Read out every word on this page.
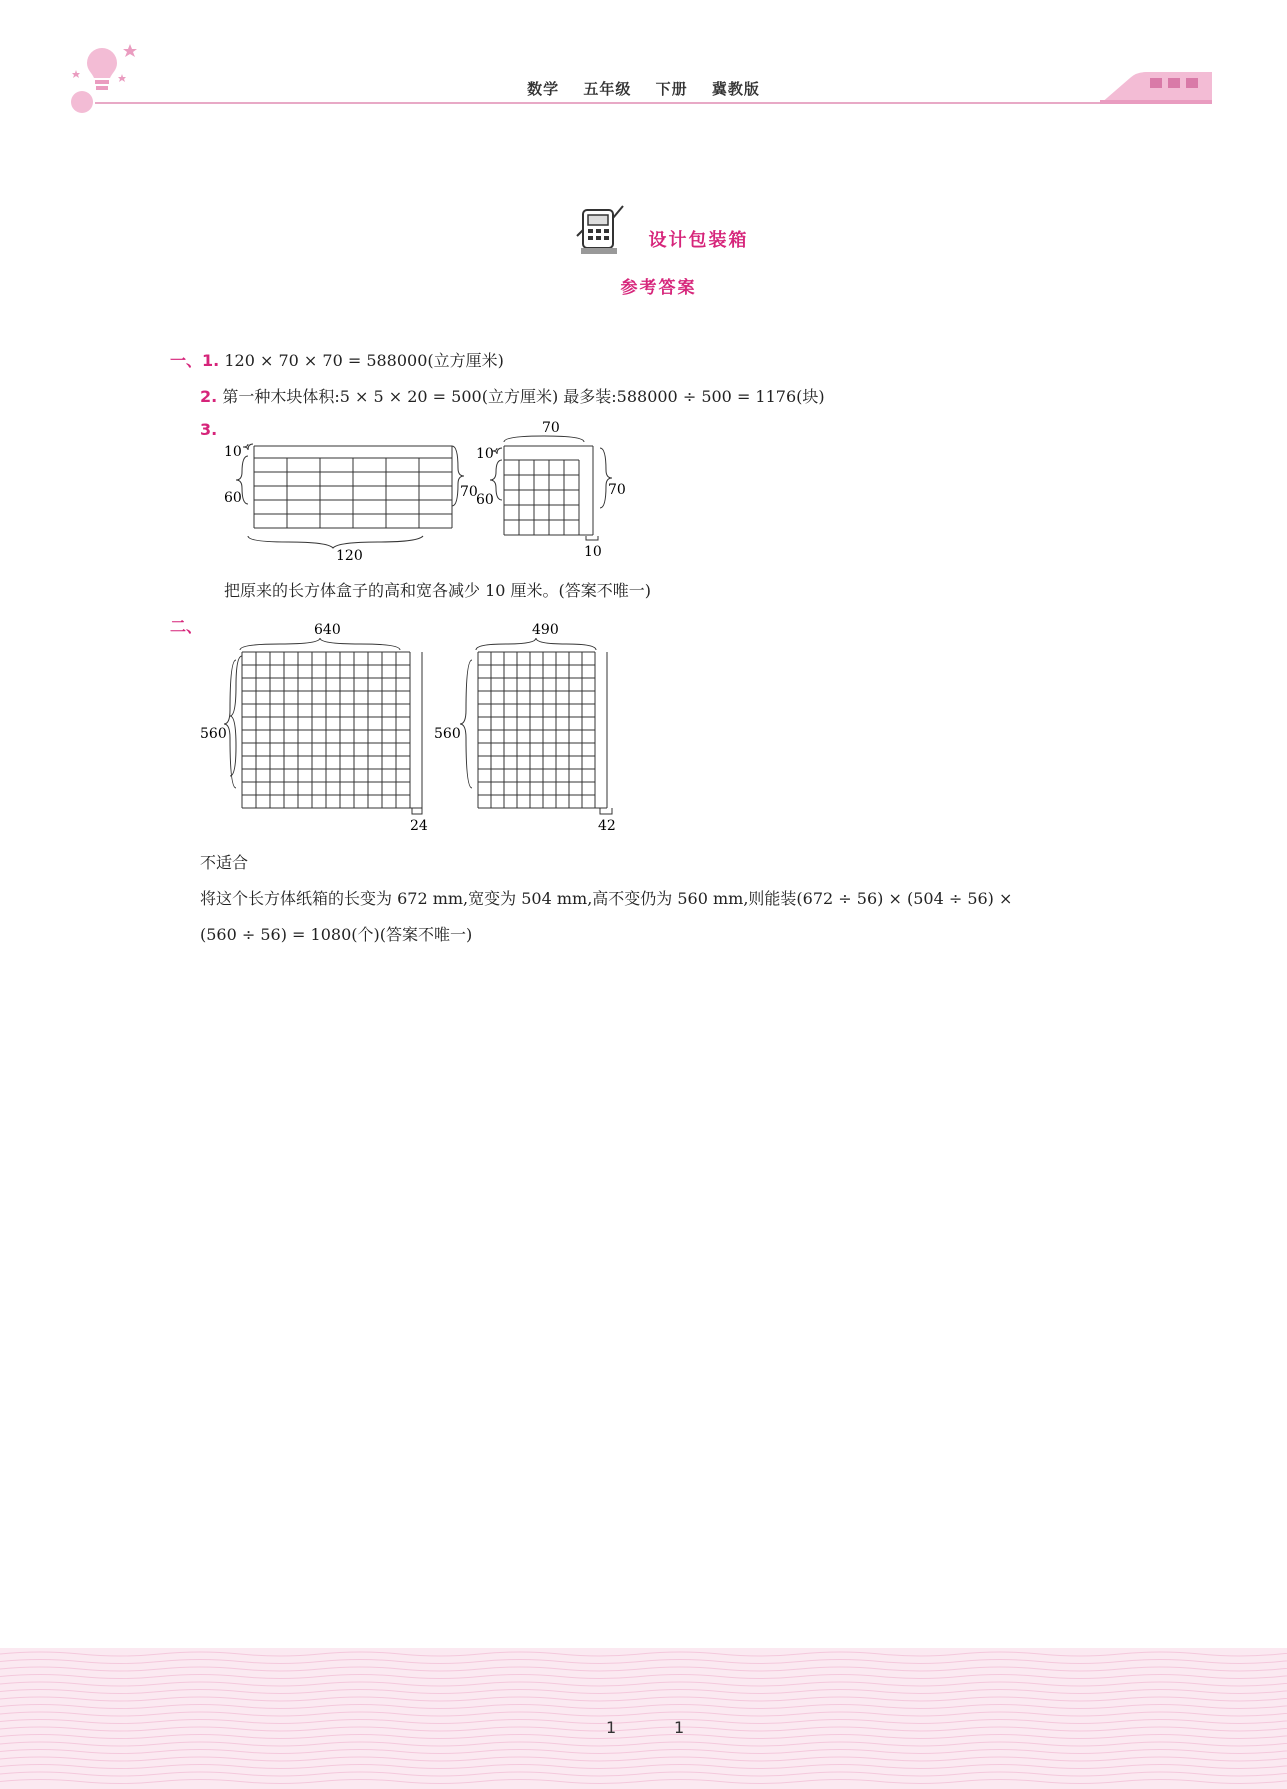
数学 五年级 下册 冀教版
设计包装箱
参考答案
一、1. 120 × 70 × 70 = 588000(立方厘米)
2. 第一种木块体积:5 × 5 × 20 = 500(立方厘米) 最多装:588000 ÷ 500 = 1176(块)
3.
10
60	70
120
70
10
60
70
10
把原来的长方体盒子的高和宽各减少 10 厘米。(答案不唯一)
二、	640
560
24
490
560
42
不适合
将这个长方体纸箱的长变为 672 mm,宽变为 504 mm,高不变仍为 560 mm,则能装(672 ÷ 56) × (504 ÷ 56) ×
(560 ÷ 56) = 1080(个)(答案不唯一)
1	1
